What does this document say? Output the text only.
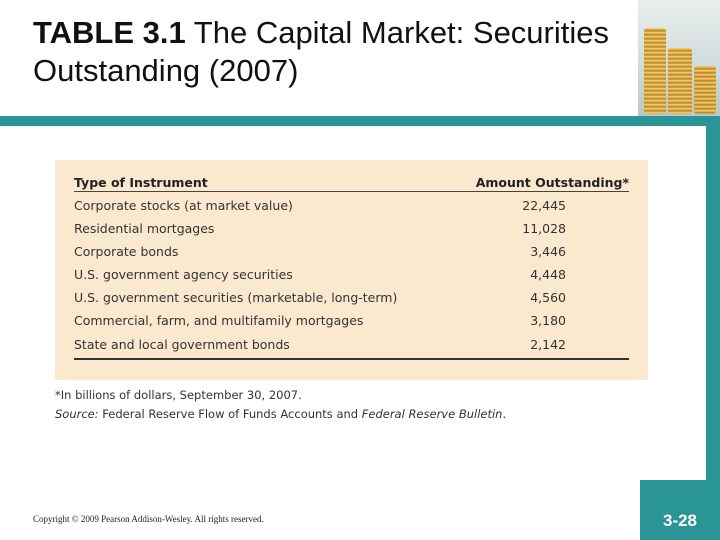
TABLE 3.1 The Capital Market: Securities Outstanding (2007)
Type of Instrument	Amount Outstanding*
Corporate stocks (at market value)	22,445
Residential mortgages	11,028
Corporate bonds	3,446
U.S. government agency securities	4,448
U.S. government securities (marketable, long-term)	4,560
Commercial, farm, and multifamily mortgages	3,180
State and local government bonds	2,142
*In billions of dollars, September 30, 2007.
Source: Federal Reserve Flow of Funds Accounts and Federal Reserve Bulletin.
Copyright © 2009 Pearson Addison-Wesley. All rights reserved.	3-28
